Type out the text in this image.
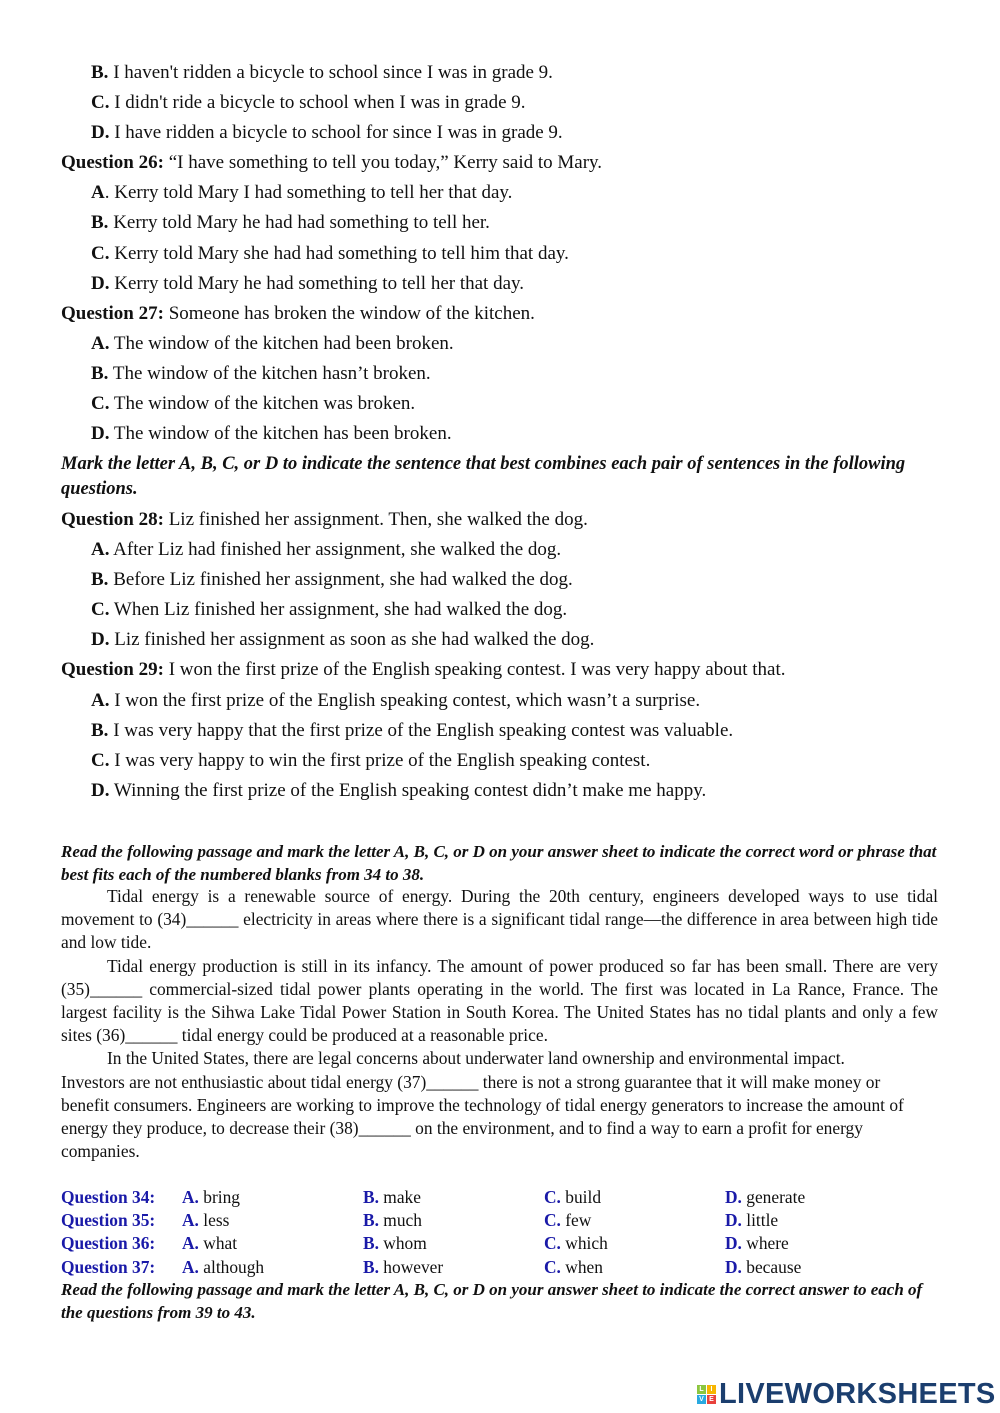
B. I haven't ridden a bicycle to school since I was in grade 9.
C. I didn't ride a bicycle to school when I was in grade 9.
D. I have ridden a bicycle to school for since I was in grade 9.
Question 26: “I have something to tell you today,” Kerry said to Mary.
A. Kerry told Mary I had something to tell her that day.
B. Kerry told Mary he had had something to tell her.
C. Kerry told Mary she had had something to tell him that day.
D. Kerry told Mary he had something to tell her that day.
Question 27: Someone has broken the window of the kitchen.
A. The window of the kitchen had been broken.
B. The window of the kitchen hasn’t broken.
C. The window of the kitchen was broken.
D. The window of the kitchen has been broken.
Mark the letter A, B, C, or D to indicate the sentence that best combines each pair of sentences in the following questions.
Question 28: Liz finished her assignment. Then, she walked the dog.
A. After Liz had finished her assignment, she walked the dog.
B. Before Liz finished her assignment, she had walked the dog.
C. When Liz finished her assignment, she had walked the dog.
D. Liz finished her assignment as soon as she had walked the dog.
Question 29: I won the first prize of the English speaking contest. I was very happy about that.
A. I won the first prize of the English speaking contest, which wasn’t a surprise.
B. I was very happy that the first prize of the English speaking contest was valuable.
C. I was very happy to win the first prize of the English speaking contest.
D. Winning the first prize of the English speaking contest didn’t make me happy.
Read the following passage and mark the letter A, B, C, or D on your answer sheet to indicate the correct word or phrase that best fits each of the numbered blanks from 34 to 38.

Tidal energy is a renewable source of energy. During the 20th century, engineers developed ways to use tidal movement to (34)______ electricity in areas where there is a significant tidal range—the difference in area between high tide and low tide.

Tidal energy production is still in its infancy. The amount of power produced so far has been small. There are very (35)______ commercial-sized tidal power plants operating in the world. The first was located in La Rance, France. The largest facility is the Sihwa Lake Tidal Power Station in South Korea. The United States has no tidal plants and only a few sites (36)______ tidal energy could be produced at a reasonable price.

In the United States, there are legal concerns about underwater land ownership and environmental impact. Investors are not enthusiastic about tidal energy (37)______ there is not a strong guarantee that it will make money or benefit consumers. Engineers are working to improve the technology of tidal energy generators to increase the amount of energy they produce, to decrease their (38)______ on the environment, and to find a way to earn a profit for energy companies.

Question 34: A. bring	B. make	C. build	D. generate
Question 35: A. less	B. much	C. few	D. little
Question 36: A. what	B. whom	C. which	D. where
Question 37: A. although	B. however	C. when	D. because
Read the following passage and mark the letter A, B, C, or D on your answer sheet to indicate the correct answer to each of the questions from 39 to 43.
L I
V E LIVEWORKSHEETS
